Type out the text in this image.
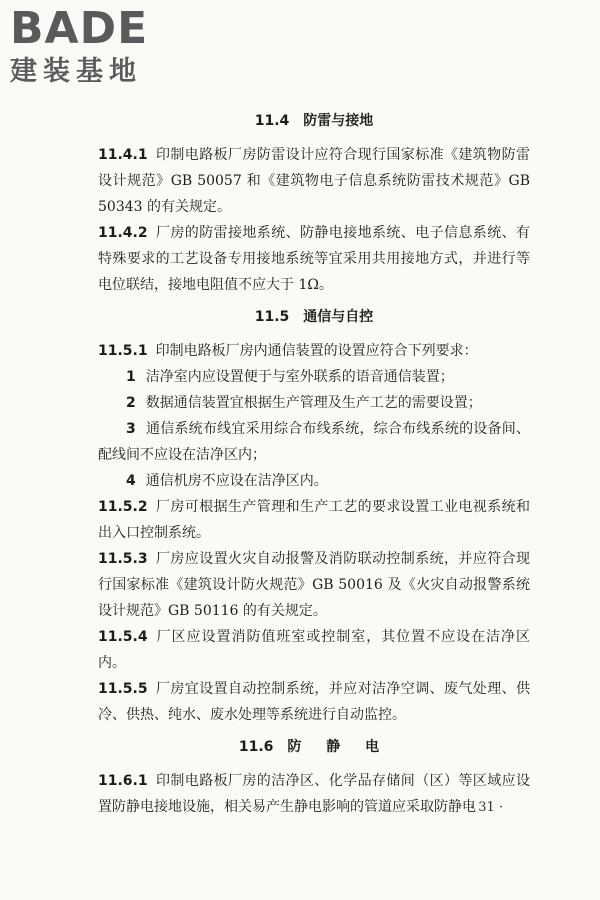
BADE
建装基地
11.4 防雷与接地

11.4.1 印制电路板厂房防雷设计应符合现行国家标准《建筑物防雷设计规范》GB 50057 和《建筑物电子信息系统防雷技术规范》GB 50343 的有关规定。

11.4.2 厂房的防雷接地系统、防静电接地系统、电子信息系统、有特殊要求的工艺设备专用接地系统等宜采用共用接地方式，并进行等电位联结，接地电阻值不应大于 1Ω。

11.5 通信与自控

11.5.1 印制电路板厂房内通信装置的设置应符合下列要求：

1 洁净室内应设置便于与室外联系的语音通信装置；

2 数据通信装置宜根据生产管理及生产工艺的需要设置；

3 通信系统布线宜采用综合布线系统，综合布线系统的设备间、配线间不应设在洁净区内；

4 通信机房不应设在洁净区内。

11.5.2 厂房可根据生产管理和生产工艺的要求设置工业电视系统和出入口控制系统。

11.5.3 厂房应设置火灾自动报警及消防联动控制系统，并应符合现行国家标准《建筑设计防火规范》GB 50016 及《火灾自动报警系统设计规范》GB 50116 的有关规定。

11.5.4 厂区应设置消防值班室或控制室，其位置不应设在洁净区内。

11.5.5 厂房宜设置自动控制系统，并应对洁净空调、废气处理、供冷、供热、纯水、废水处理等系统进行自动监控。

11.6 防 静 电

11.6.1 印制电路板厂房的洁净区、化学品存储间（区）等区域应设置防静电接地设施，相关易产生静电影响的管道应采取防静电

· 31 ·
